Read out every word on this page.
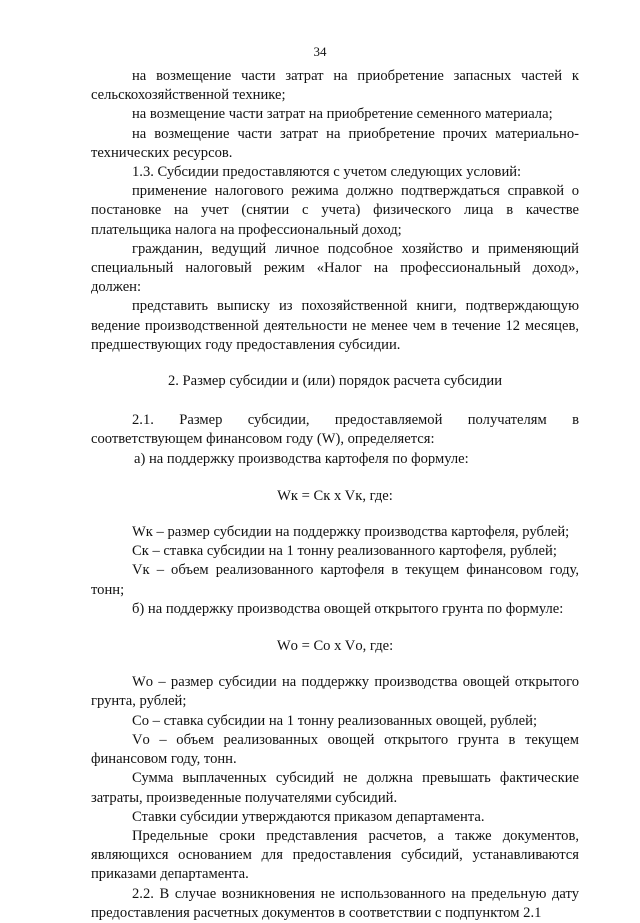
34

на возмещение части затрат на приобретение запасных частей к сельскохозяйственной технике;

на возмещение части затрат на приобретение семенного материала;

на возмещение части затрат на приобретение прочих материально-технических ресурсов.

1.3. Субсидии предоставляются с учетом следующих условий:

применение налогового режима должно подтверждаться справкой о постановке на учет (снятии с учета) физического лица в качестве плательщика налога на профессиональный доход;

гражданин, ведущий личное подсобное хозяйство и применяющий специальный налоговый режим «Налог на профессиональный доход», должен:

представить выписку из похозяйственной книги, подтверждающую ведение производственной деятельности не менее чем в течение 12 месяцев, предшествующих году предоставления субсидии.

2. Размер субсидии и (или) порядок расчета субсидии

2.1. Размер субсидии, предоставляемой получателям в соответствующем финансовом году (W), определяется:

а) на поддержку производства картофеля по формуле:

Wк = Cк x Vк, где:

Wк – размер субсидии на поддержку производства картофеля, рублей;

Cк – ставка субсидии на 1 тонну реализованного картофеля, рублей;

Vк – объем реализованного картофеля в текущем финансовом году, тонн;

б) на поддержку производства овощей открытого грунта по формуле:

Wо = Cо x Vо, где:

Wо – размер субсидии на поддержку производства овощей открытого грунта, рублей;

Cо – ставка субсидии на 1 тонну реализованных овощей, рублей;

Vо – объем реализованных овощей открытого грунта в текущем финансовом году, тонн.

Сумма выплаченных субсидий не должна превышать фактические затраты, произведенные получателями субсидий.

Ставки субсидии утверждаются приказом департамента.

Предельные сроки представления расчетов, а также документов, являющихся основанием для предоставления субсидий, устанавливаются приказами департамента.

2.2. В случае возникновения не использованного на предельную дату предоставления расчетных документов в соответствии с подпунктом 2.1
